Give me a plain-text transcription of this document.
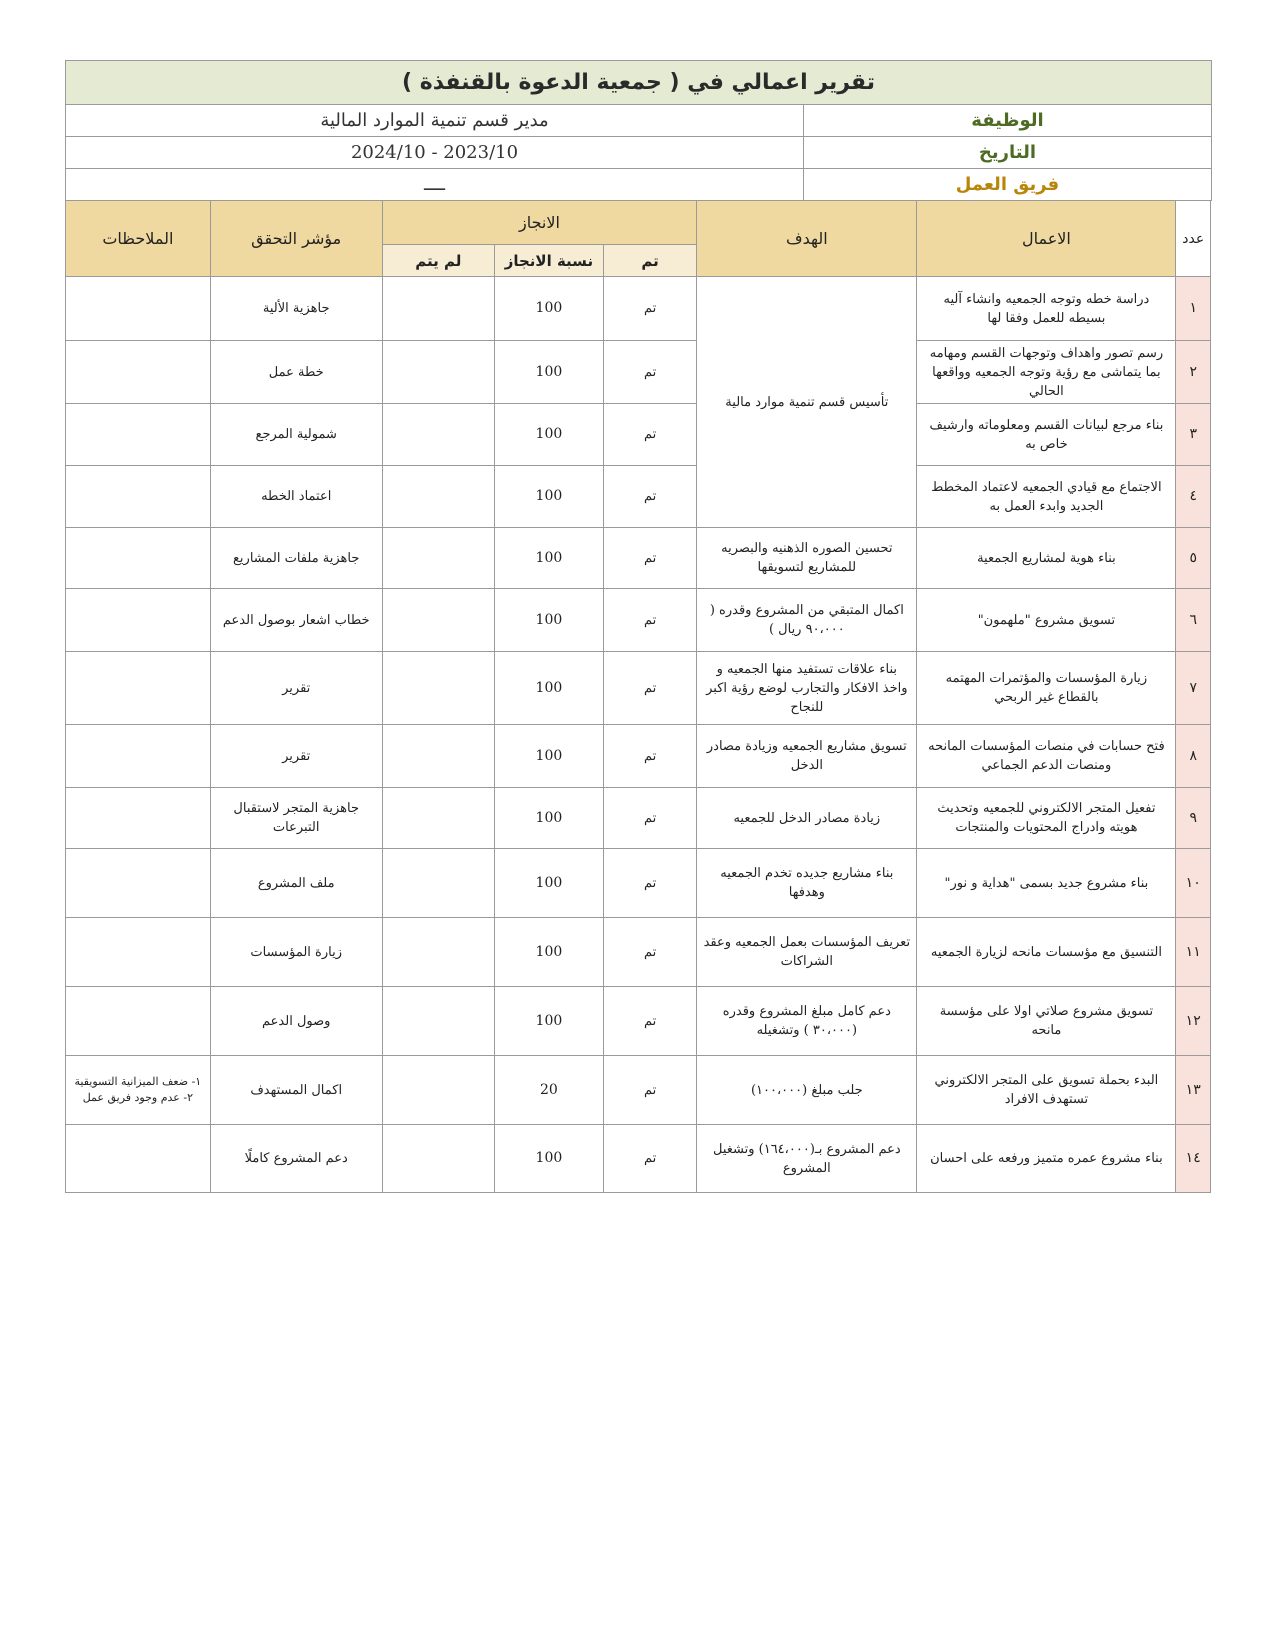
تقرير اعمالي في ( جمعية الدعوة بالقنفذة )	
الوظيفة	مدير قسم تنمية الموارد المالية
التاريخ	2023/10 - 2024/10
فريق العمل	ــــ
عدد	الاعمال	الهدف	الانجاز			مؤشر التحقق	الملاحظات
			تم	نسبة الانجاز	لم يتم		
١	دراسة خطه وتوجه الجمعيه وانشاء آليه بسيطه للعمل وفقا لها	تأسيس قسم تنمية موارد مالية	تم	100		جاهزية الألية	
٢	رسم تصور واهداف وتوجهات القسم ومهامه بما يتماشى مع رؤية وتوجه الجمعيه وواقعها الحالي		تم	100		خطة عمل	
٣	بناء مرجع لبيانات القسم ومعلوماته وارشيف خاص به		تم	100		شمولية المرجع	
٤	الاجتماع مع قيادي الجمعيه لاعتماد المخطط الجديد وابدء العمل به		تم	100		اعتماد الخطه	
٥	بناء هوية لمشاريع الجمعية	تحسين الصوره الذهنيه والبصريه للمشاريع لتسويقها	تم	100		جاهزية ملفات المشاريع	
٦	تسويق مشروع "ملهمون"	اكمال المتبقي من المشروع وقدره ( ٩٠،٠٠٠ ريال )	تم	100		خطاب اشعار بوصول الدعم	
٧	زيارة المؤسسات والمؤتمرات المهتمه بالقطاع غير الربحي	بناء علاقات تستفيد منها الجمعيه و واخذ الافكار والتجارب لوضع رؤية اكبر للنجاح	تم	100		تقرير	
٨	فتح حسابات في منصات المؤسسات المانحه ومنصات الدعم الجماعي	تسويق مشاريع الجمعيه وزيادة مصادر الدخل	تم	100		تقرير	
٩	تفعيل المتجر الالكتروني للجمعيه وتحديث هويته وادراج المحتويات والمنتجات	زيادة مصادر الدخل للجمعيه	تم	100		جاهزية المتجر لاستقبال التبرعات	
١٠	بناء مشروع جديد بسمى "هداية و نور"	بناء مشاريع جديده تخدم الجمعيه وهدفها	تم	100		ملف المشروع	
١١	التنسيق مع مؤسسات مانحه لزيارة الجمعيه	تعريف المؤسسات بعمل الجمعيه وعقد الشراكات	تم	100		زيارة المؤسسات	
١٢	تسويق مشروع صلاتي اولا على مؤسسة مانحه	دعم كامل مبلغ المشروع وقدره (٣٠،٠٠٠ ) وتشغيله	تم	100		وصول الدعم	
١٣	البدء بحملة تسويق على المتجر الالكتروني تستهدف الافراد	جلب مبلغ (١٠٠،٠٠٠)	تم	20		اكمال المستهدف	١- ضعف الميزانية التسويقية
٢- عدم وجود فريق عمل
١٤	بناء مشروع عمره متميز ورفعه على احسان	دعم المشروع بـ(١٦٤،٠٠٠) وتشغيل المشروع	تم	100		دعم المشروع كاملًا	
